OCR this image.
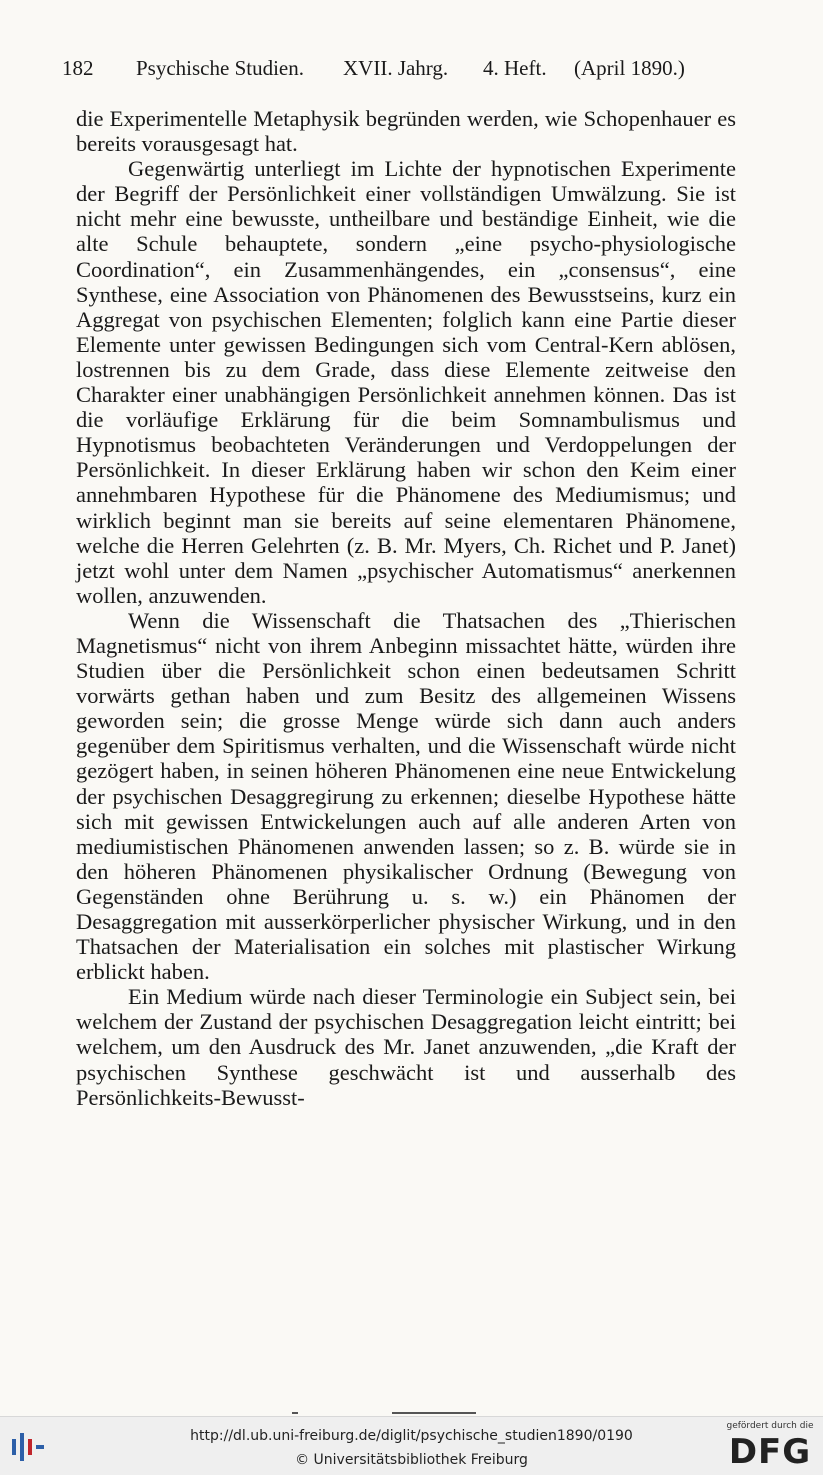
182 Psychische Studien. XVII. Jahrg. 4. Heft. (April 1890.)

die Experimentelle Metaphysik begründen werden, wie Schopenhauer es bereits vorausgesagt hat.

Gegenwärtig unterliegt im Lichte der hypnotischen Experimente der Begriff der Persönlichkeit einer vollständigen Umwälzung. Sie ist nicht mehr eine bewusste, untheilbare und beständige Einheit, wie die alte Schule behauptete, sondern „eine psycho-physiologische Coordination“, ein Zusammenhängendes, ein „consensus“, eine Synthese, eine Association von Phänomenen des Bewusstseins, kurz ein Aggregat von psychischen Elementen; folglich kann eine Partie dieser Elemente unter gewissen Bedingungen sich vom Central-Kern ablösen, lostrennen bis zu dem Grade, dass diese Elemente zeitweise den Charakter einer unabhängigen Persönlichkeit annehmen können. Das ist die vorläufige Erklärung für die beim Somnambulismus und Hypnotismus beobachteten Veränderungen und Verdoppelungen der Persönlichkeit. In dieser Erklärung haben wir schon den Keim einer annehmbaren Hypothese für die Phänomene des Mediumismus; und wirklich beginnt man sie bereits auf seine elementaren Phänomene, welche die Herren Gelehrten (z. B. Mr. Myers, Ch. Richet und P. Janet) jetzt wohl unter dem Namen „psychischer Automatismus“ anerkennen wollen, anzuwenden.

Wenn die Wissenschaft die Thatsachen des „Thierischen Magnetismus“ nicht von ihrem Anbeginn missachtet hätte, würden ihre Studien über die Persönlichkeit schon einen bedeutsamen Schritt vorwärts gethan haben und zum Besitz des allgemeinen Wissens geworden sein; die grosse Menge würde sich dann auch anders gegenüber dem Spiritismus verhalten, und die Wissenschaft würde nicht gezögert haben, in seinen höheren Phänomenen eine neue Entwickelung der psychischen Desaggregirung zu erkennen; dieselbe Hypothese hätte sich mit gewissen Entwickelungen auch auf alle anderen Arten von mediumistischen Phänomenen anwenden lassen; so z. B. würde sie in den höheren Phänomenen physikalischer Ordnung (Bewegung von Gegenständen ohne Berührung u. s. w.) ein Phänomen der Desaggregation mit ausserkörperlicher physischer Wirkung, und in den Thatsachen der Materialisation ein solches mit plastischer Wirkung erblickt haben.

Ein Medium würde nach dieser Terminologie ein Subject sein, bei welchem der Zustand der psychischen Desaggregation leicht eintritt; bei welchem, um den Ausdruck des Mr. Janet anzuwenden, „die Kraft der psychischen Synthese geschwächt ist und ausserhalb des Persönlichkeits-Bewusst-

http://dl.ub.uni-freiburg.de/diglit/psychische_studien1890/0190
© Universitätsbibliothek Freiburg
gefördert durch die
DFG
